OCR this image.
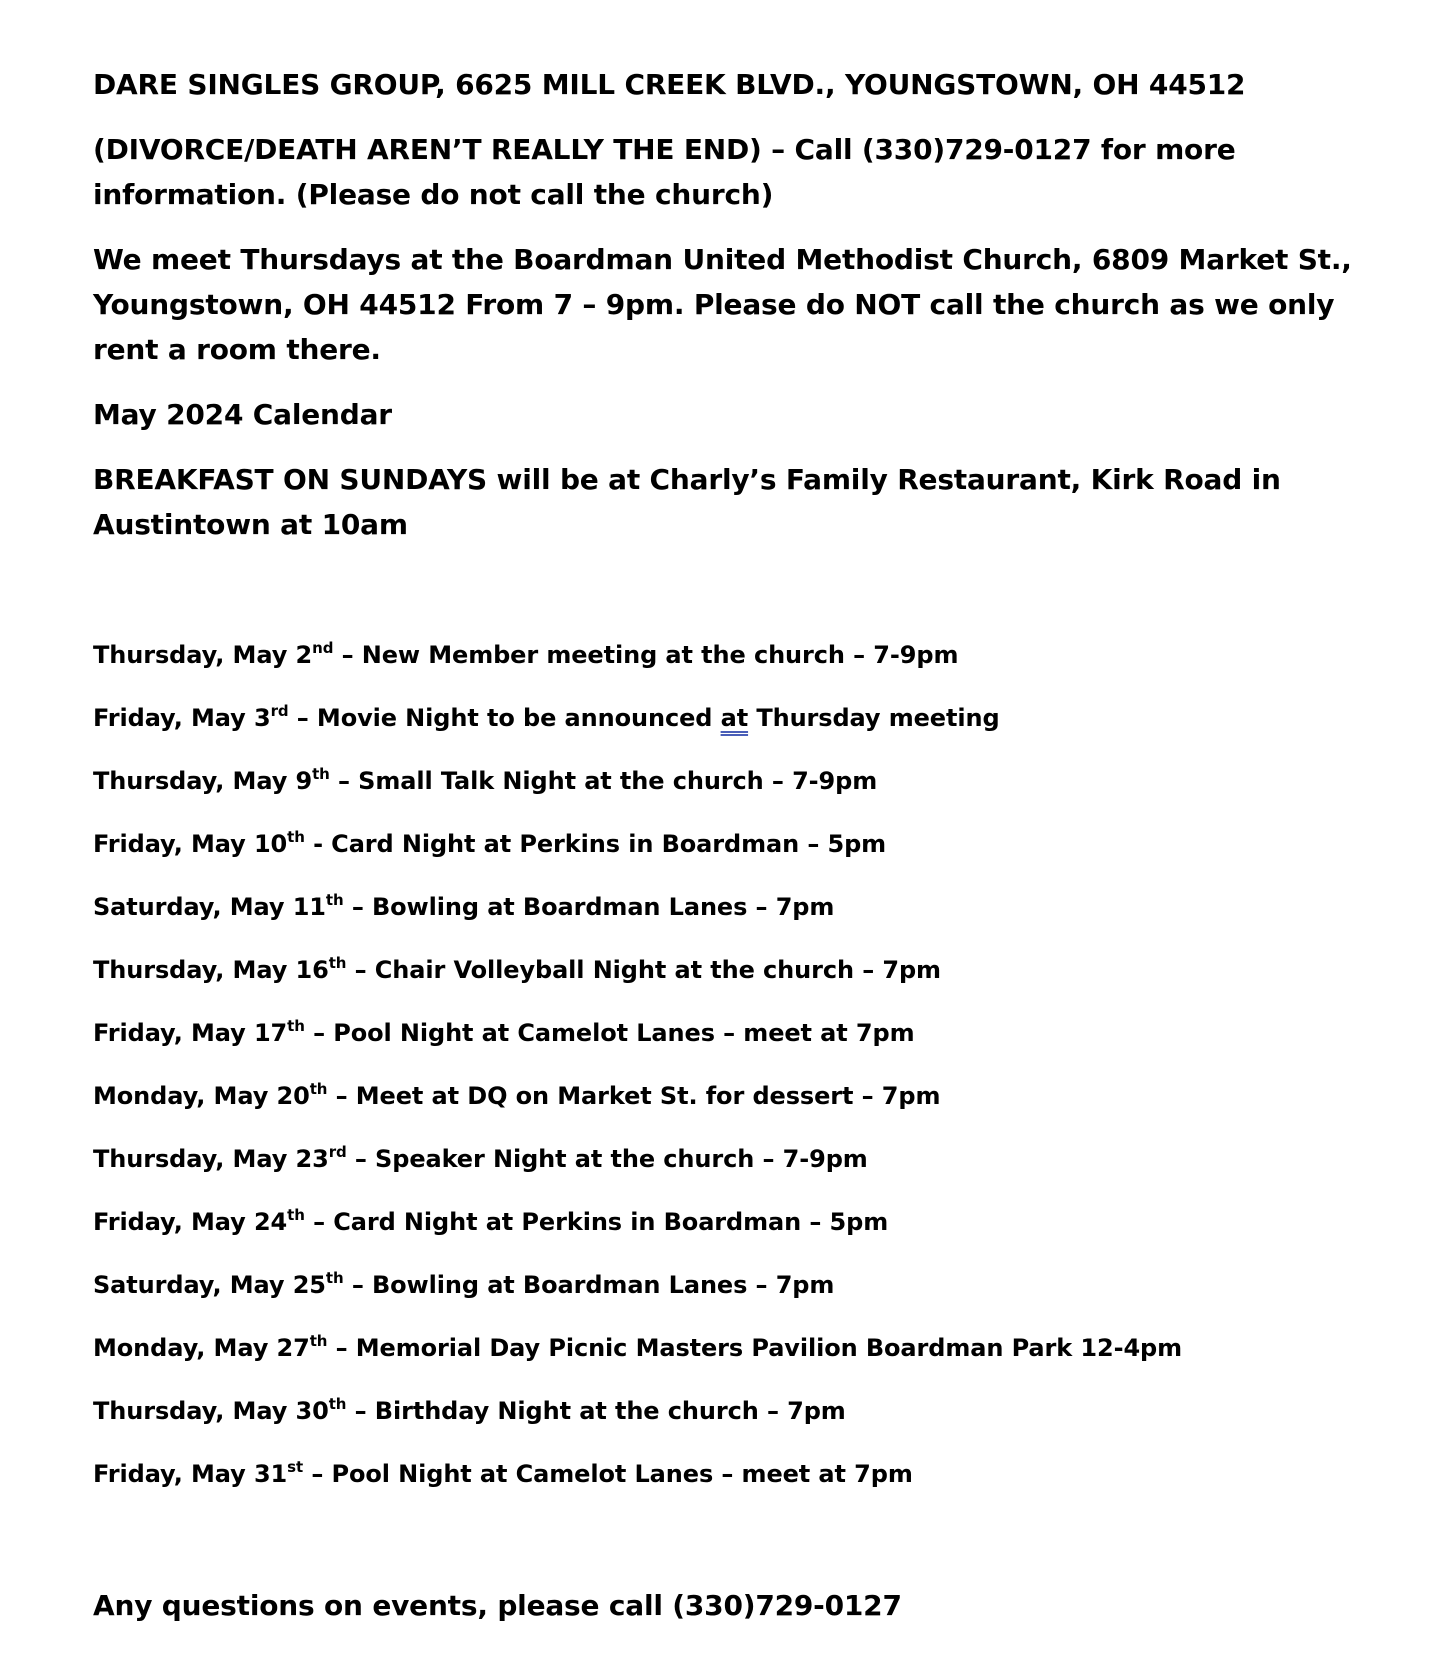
DARE SINGLES GROUP, 6625 MILL CREEK BLVD., YOUNGSTOWN, OH 44512

(DIVORCE/DEATH AREN’T REALLY THE END) – Call (330)729-0127 for more information. (Please do not call the church)

We meet Thursdays at the Boardman United Methodist Church, 6809 Market St., Youngstown, OH 44512 From 7 – 9pm. Please do NOT call the church as we only rent a room there.

May 2024 Calendar

BREAKFAST ON SUNDAYS will be at Charly’s Family Restaurant, Kirk Road in Austintown at 10am

Thursday, May 2nd – New Member meeting at the church – 7-9pm
Friday, May 3rd – Movie Night to be announced at Thursday meeting
Thursday, May 9th – Small Talk Night at the church – 7-9pm
Friday, May 10th - Card Night at Perkins in Boardman – 5pm
Saturday, May 11th – Bowling at Boardman Lanes – 7pm
Thursday, May 16th – Chair Volleyball Night at the church – 7pm
Friday, May 17th – Pool Night at Camelot Lanes – meet at 7pm
Monday, May 20th – Meet at DQ on Market St. for dessert – 7pm
Thursday, May 23rd – Speaker Night at the church – 7-9pm
Friday, May 24th – Card Night at Perkins in Boardman – 5pm
Saturday, May 25th – Bowling at Boardman Lanes – 7pm
Monday, May 27th – Memorial Day Picnic Masters Pavilion Boardman Park 12-4pm
Thursday, May 30th – Birthday Night at the church – 7pm
Friday, May 31st – Pool Night at Camelot Lanes – meet at 7pm

Any questions on events, please call (330)729-0127
